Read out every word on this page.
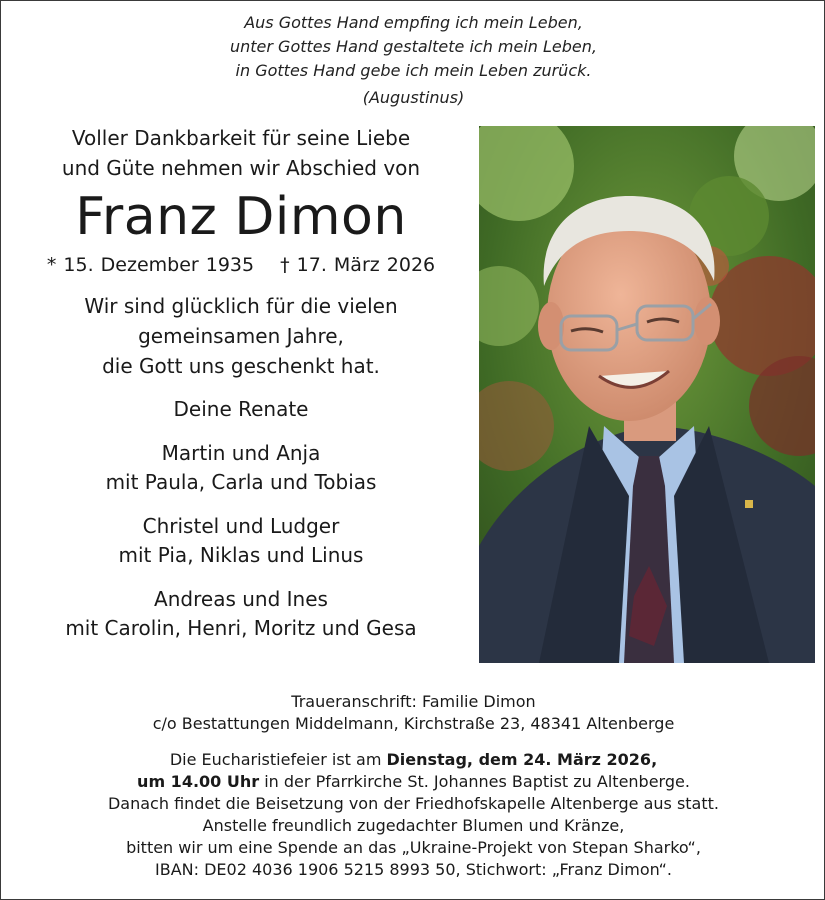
Aus Gottes Hand empfing ich mein Leben,
unter Gottes Hand gestaltete ich mein Leben,
in Gottes Hand gebe ich mein Leben zurück.
(Augustinus)
Voller Dankbarkeit für seine Liebe
und Güte nehmen wir Abschied von
Franz Dimon
* 15. Dezember 1935 † 17. März 2026
Wir sind glücklich für die vielen
gemeinsamen Jahre,
die Gott uns geschenkt hat.
Deine Renate
Martin und Anja
mit Paula, Carla und Tobias
Christel und Ludger
mit Pia, Niklas und Linus
Andreas und Ines
mit Carolin, Henri, Moritz und Gesa
Traueranschrift: Familie Dimon
c/o Bestattungen Middelmann, Kirchstraße 23, 48341 Altenberge
Die Eucharistiefeier ist am Dienstag, dem 24. März 2026,
um 14.00 Uhr in der Pfarrkirche St. Johannes Baptist zu Altenberge.
Danach findet die Beisetzung von der Friedhofskapelle Altenberge aus statt.
Anstelle freundlich zugedachter Blumen und Kränze,
bitten wir um eine Spende an das „Ukraine-Projekt von Stepan Sharko“,
IBAN: DE02 4036 1906 5215 8993 50, Stichwort: „Franz Dimon“.
